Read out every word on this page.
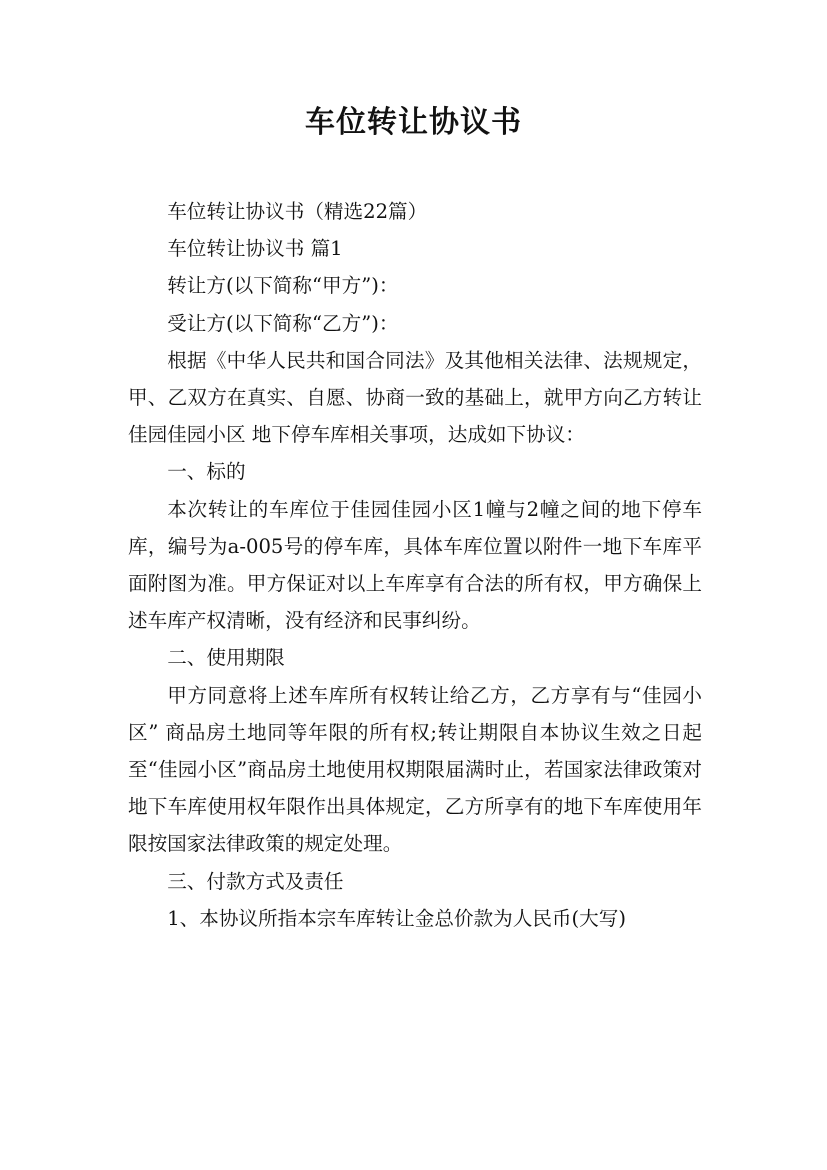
车位转让协议书

车位转让协议书（精选22篇）

车位转让协议书 篇1

转让方(以下简称“甲方”)：

受让方(以下简称“乙方”)：

根据《中华人民共和国合同法》及其他相关法律、法规规定，甲、乙双方在真实、自愿、协商一致的基础上，就甲方向乙方转让佳园佳园小区 地下停车库相关事项，达成如下协议：

一、标的

本次转让的车库位于佳园佳园小区1幢与2幢之间的地下停车库，编号为a-005号的停车库，具体车库位置以附件一地下车库平面附图为准。甲方保证对以上车库享有合法的所有权，甲方确保上述车库产权清晰，没有经济和民事纠纷。

二、使用期限

甲方同意将上述车库所有权转让给乙方，乙方享有与“佳园小区” 商品房土地同等年限的所有权;转让期限自本协议生效之日起至“佳园小区”商品房土地使用权期限届满时止，若国家法律政策对地下车库使用权年限作出具体规定，乙方所享有的地下车库使用年限按国家法律政策的规定处理。

三、付款方式及责任

1、本协议所指本宗车库转让金总价款为人民币(大写)
